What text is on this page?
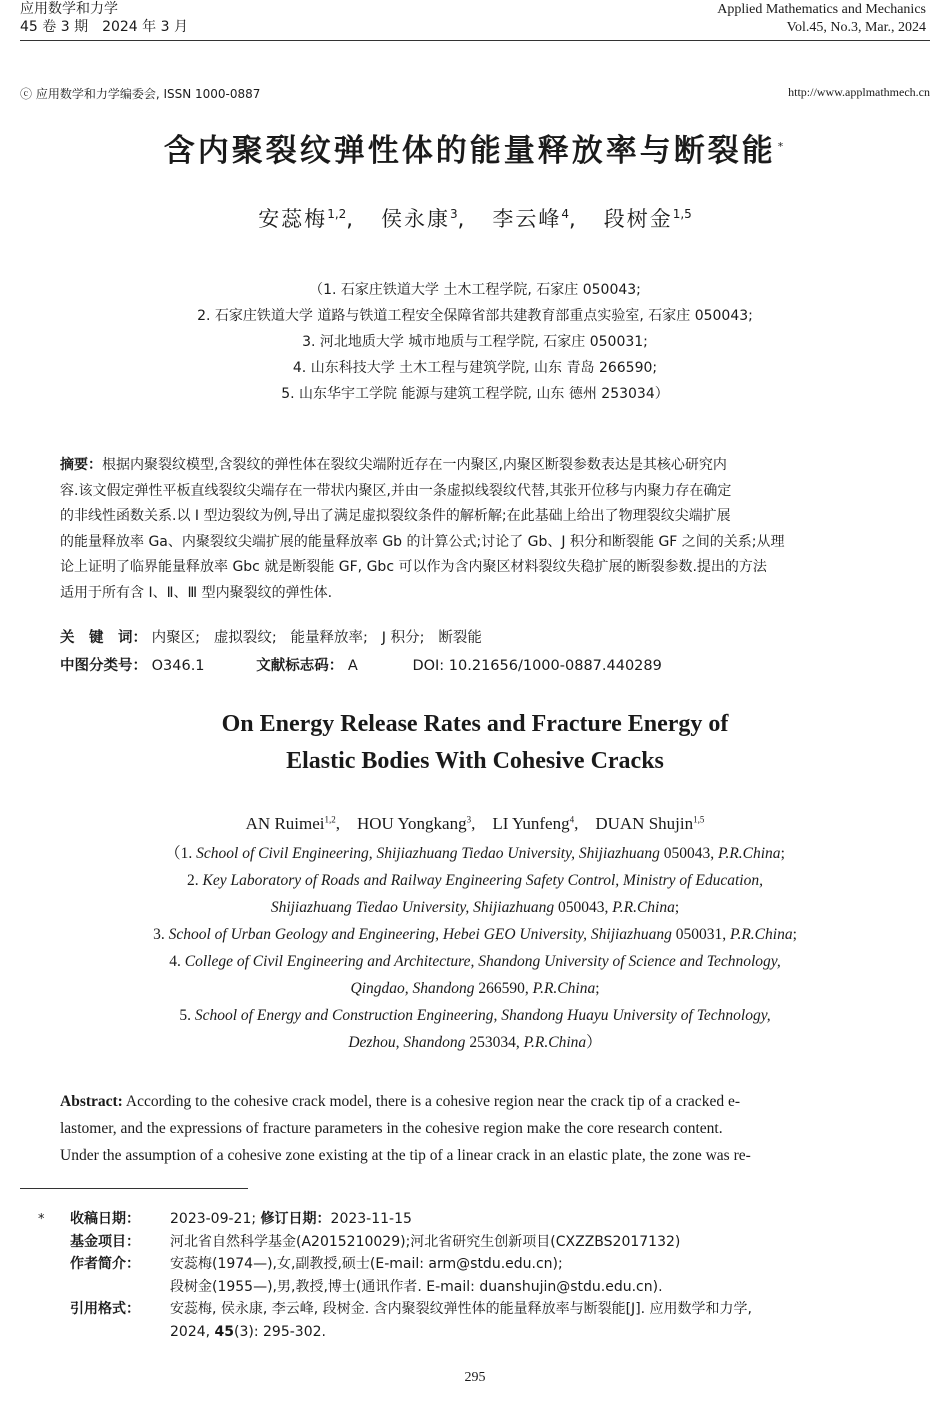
应用数学和力学
45 卷 3 期　2024 年 3 月
Applied Mathematics and Mechanics
Vol.45, No.3, Mar., 2024
ⓒ 应用数学和力学编委会, ISSN 1000-0887	http://www.applmathmech.cn
含内聚裂纹弹性体的能量释放率与断裂能 *
安蕊梅$^{1,2}$, 侯永康$^3$, 李云峰$^4$, 段树金$^{1,5}$
（1. 石家庄铁道大学 土木工程学院, 石家庄 050043;
2. 石家庄铁道大学 道路与铁道工程安全保障省部共建教育部重点实验室, 石家庄 050043;
3. 河北地质大学 城市地质与工程学院, 石家庄 050031;
4. 山东科技大学 土木工程与建筑学院, 山东 青岛 266590;
5. 山东华宇工学院 能源与建筑工程学院, 山东 德州 253034）
摘要：根据内聚裂纹模型,含裂纹的弹性体在裂纹尖端附近存在一内聚区,内聚区断裂参数表达是其核心研究内
容.该文假定弹性平板直线裂纹尖端存在一带状内聚区,并由一条虚拟线裂纹代替,其张开位移与内聚力存在确定
的非线性函数关系.以 Ⅰ 型边裂纹为例,导出了满足虚拟裂纹条件的解析解;在此基础上给出了物理裂纹尖端扩展
的能量释放率 Ga、内聚裂纹尖端扩展的能量释放率 Gb 的计算公式;讨论了 Gb、J 积分和断裂能 GF 之间的关系;从理
论上证明了临界能量释放率 Gbc 就是断裂能 GF, Gbc 可以作为含内聚区材料裂纹失稳扩展的断裂参数.提出的方法
适用于所有含 Ⅰ、Ⅱ、Ⅲ 型内聚裂纹的弹性体.
关　键　词： 内聚区; 虚拟裂纹; 能量释放率; J 积分; 断裂能
中图分类号： O346.1	文献标志码： A	DOI: 10.21656/1000-0887.440289
On Energy Release Rates and Fracture Energy of
Elastic Bodies With Cohesive Cracks
AN Ruimei$^{1,2}$, HOU Yongkang$^3$, LI Yunfeng$^4$, DUAN Shujin$^{1,5}$
（1. School of Civil Engineering, Shijiazhuang Tiedao University, Shijiazhuang 050043, P.R.China;
2. Key Laboratory of Roads and Railway Engineering Safety Control, Ministry of Education,
Shijiazhuang Tiedao University, Shijiazhuang 050043, P.R.China;
3. School of Urban Geology and Engineering, Hebei GEO University, Shijiazhuang 050031, P.R.China;
4. College of Civil Engineering and Architecture, Shandong University of Science and Technology,
Qingdao, Shandong 266590, P.R.China;
5. School of Energy and Construction Engineering, Shandong Huayu University of Technology,
Dezhou, Shandong 253034, P.R.China）
Abstract: According to the cohesive crack model, there is a cohesive region near the crack tip of a cracked e-
lastomer, and the expressions of fracture parameters in the cohesive region make the core research content.
Under the assumption of a cohesive zone existing at the tip of a linear crack in an elastic plate, the zone was re-
* 收稿日期： 2023-09-21; 修订日期：2023-11-15
基金项目： 河北省自然科学基金(A2015210029);河北省研究生创新项目(CXZZBS2017132)
作者简介： 安蕊梅(1974—),女,副教授,硕士(E-mail: arm@stdu.edu.cn);
段树金(1955—),男,教授,博士(通讯作者. E-mail: duanshujin@stdu.edu.cn).
引用格式： 安蕊梅, 侯永康, 李云峰, 段树金. 含内聚裂纹弹性体的能量释放率与断裂能[J]. 应用数学和力学,
2024, 45(3): 295-302.
295
